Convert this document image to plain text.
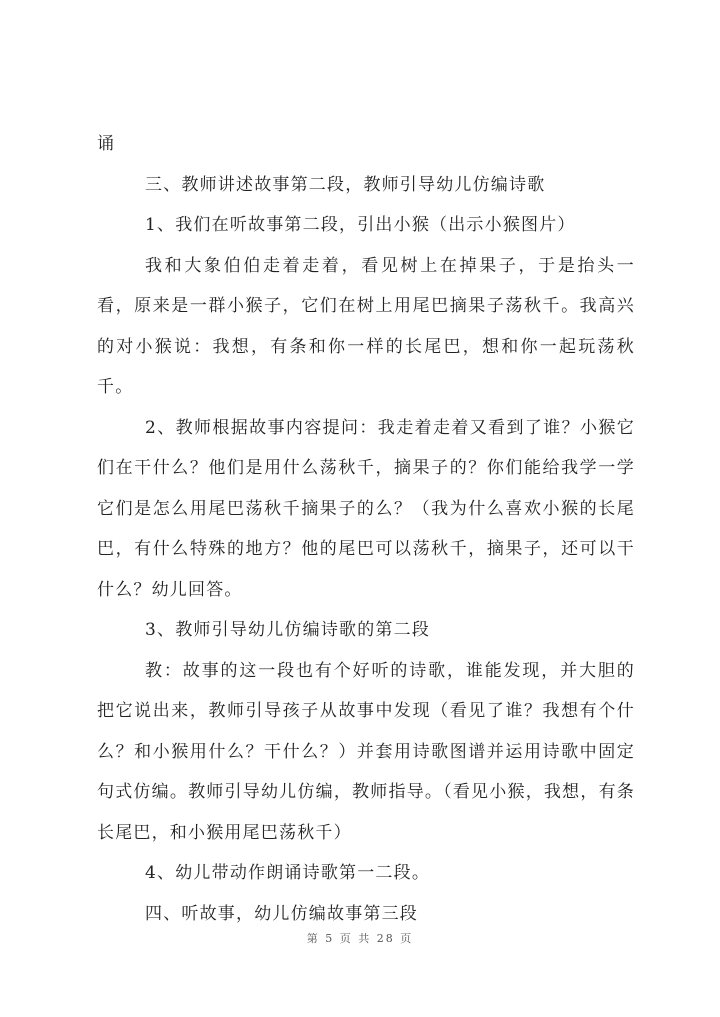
诵

三、教师讲述故事第二段，教师引导幼儿仿编诗歌

1、我们在听故事第二段，引出小猴（出示小猴图片）

我和大象伯伯走着走着，看见树上在掉果子，于是抬头一看，原来是一群小猴子，它们在树上用尾巴摘果子荡秋千。我高兴的对小猴说：我想，有条和你一样的长尾巴，想和你一起玩荡秋千。

2、教师根据故事内容提问：我走着走着又看到了谁？小猴它们在干什么？他们是用什么荡秋千，摘果子的？你们能给我学一学它们是怎么用尾巴荡秋千摘果子的么？（我为什么喜欢小猴的长尾巴，有什么特殊的地方？他的尾巴可以荡秋千，摘果子，还可以干什么？幼儿回答。

3、教师引导幼儿仿编诗歌的第二段

教：故事的这一段也有个好听的诗歌，谁能发现，并大胆的把它说出来，教师引导孩子从故事中发现（看见了谁？我想有个什么？和小猴用什么？干什么？）并套用诗歌图谱并运用诗歌中固定句式仿编。教师引导幼儿仿编，教师指导。（看见小猴，我想，有条长尾巴，和小猴用尾巴荡秋千）

4、幼儿带动作朗诵诗歌第一二段。

四、听故事，幼儿仿编故事第三段

第 5 页 共 28 页
